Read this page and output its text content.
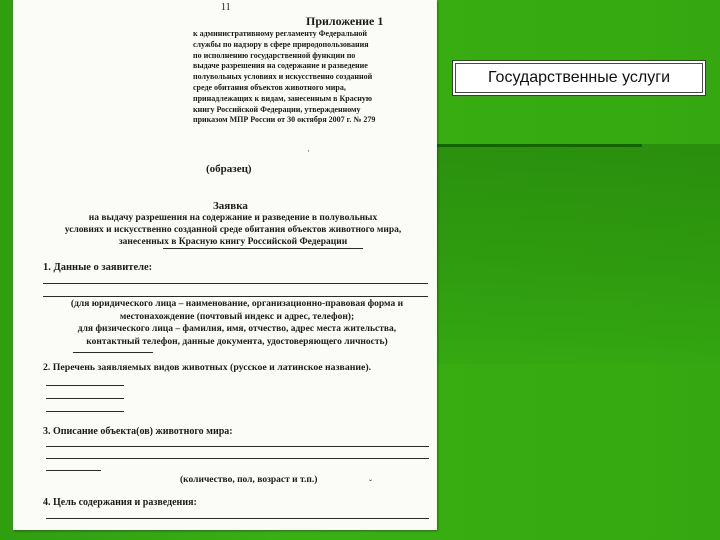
11
Приложение 1
к административному регламенту Федеральной
службы по надзору в сфере природопользования
по исполнению государственной функции по
выдаче разрешения на содержание и разведение
полувольных условиях и искусственно созданной
среде обитания объектов животного мира,
принадлежащих к видам, занесенным в Красную
книгу Российской Федерации, утвержденному
приказом МПР России от 30 октября 2007 г. № 279
·
(образец)
Заявка
на выдачу разрешения на содержание и разведение в полувольных
условиях и искусственно созданной среде обитания объектов животного мира,
занесенных в Красную книгу Российской Федерации
1. Данные о заявителе:
(для юридического лица – наименование, организационно-правовая форма и
местонахождение (почтовый индекс и адрес, телефон);
для физического лица – фамилия, имя, отчество, адрес места жительства,
контактный телефон, данные документа, удостоверяющего личность)
2. Перечень заявляемых видов животных (русское и латинское название).
3. Описание объекта(ов) животного мира:
(количество, пол, возраст и т.п.)	ˇ
4. Цель содержания и разведения:
Государственные услуги
